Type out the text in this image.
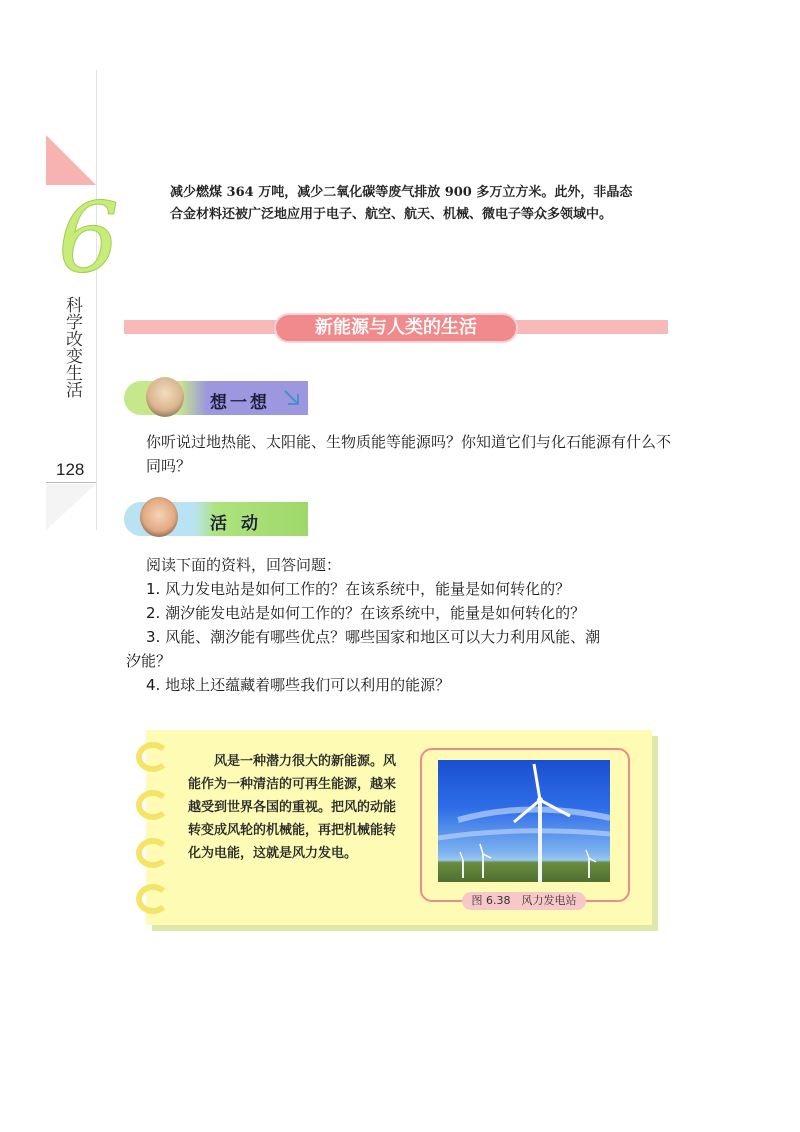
6
科学改变生活
128
减少燃煤 364 万吨，减少二氧化碳等废气排放 900 多万立方米。此外，非晶态合金材料还被广泛地应用于电子、航空、航天、机械、微电子等众多领域中。
新能源与人类的生活
想一想
你听说过地热能、太阳能、生物质能等能源吗？你知道它们与化石能源有什么不同吗？
活动
阅读下面的资料，回答问题：
1. 风力发电站是如何工作的？在该系统中，能量是如何转化的？
2. 潮汐能发电站是如何工作的？在该系统中，能量是如何转化的？
3. 风能、潮汐能有哪些优点？哪些国家和地区可以大力利用风能、潮
汐能？
4. 地球上还蕴藏着哪些我们可以利用的能源？
风是一种潜力很大的新能源。风能作为一种清洁的可再生能源，越来越受到世界各国的重视。把风的动能转变成风轮的机械能，再把机械能转化为电能，这就是风力发电。
图 6.38　风力发电站
